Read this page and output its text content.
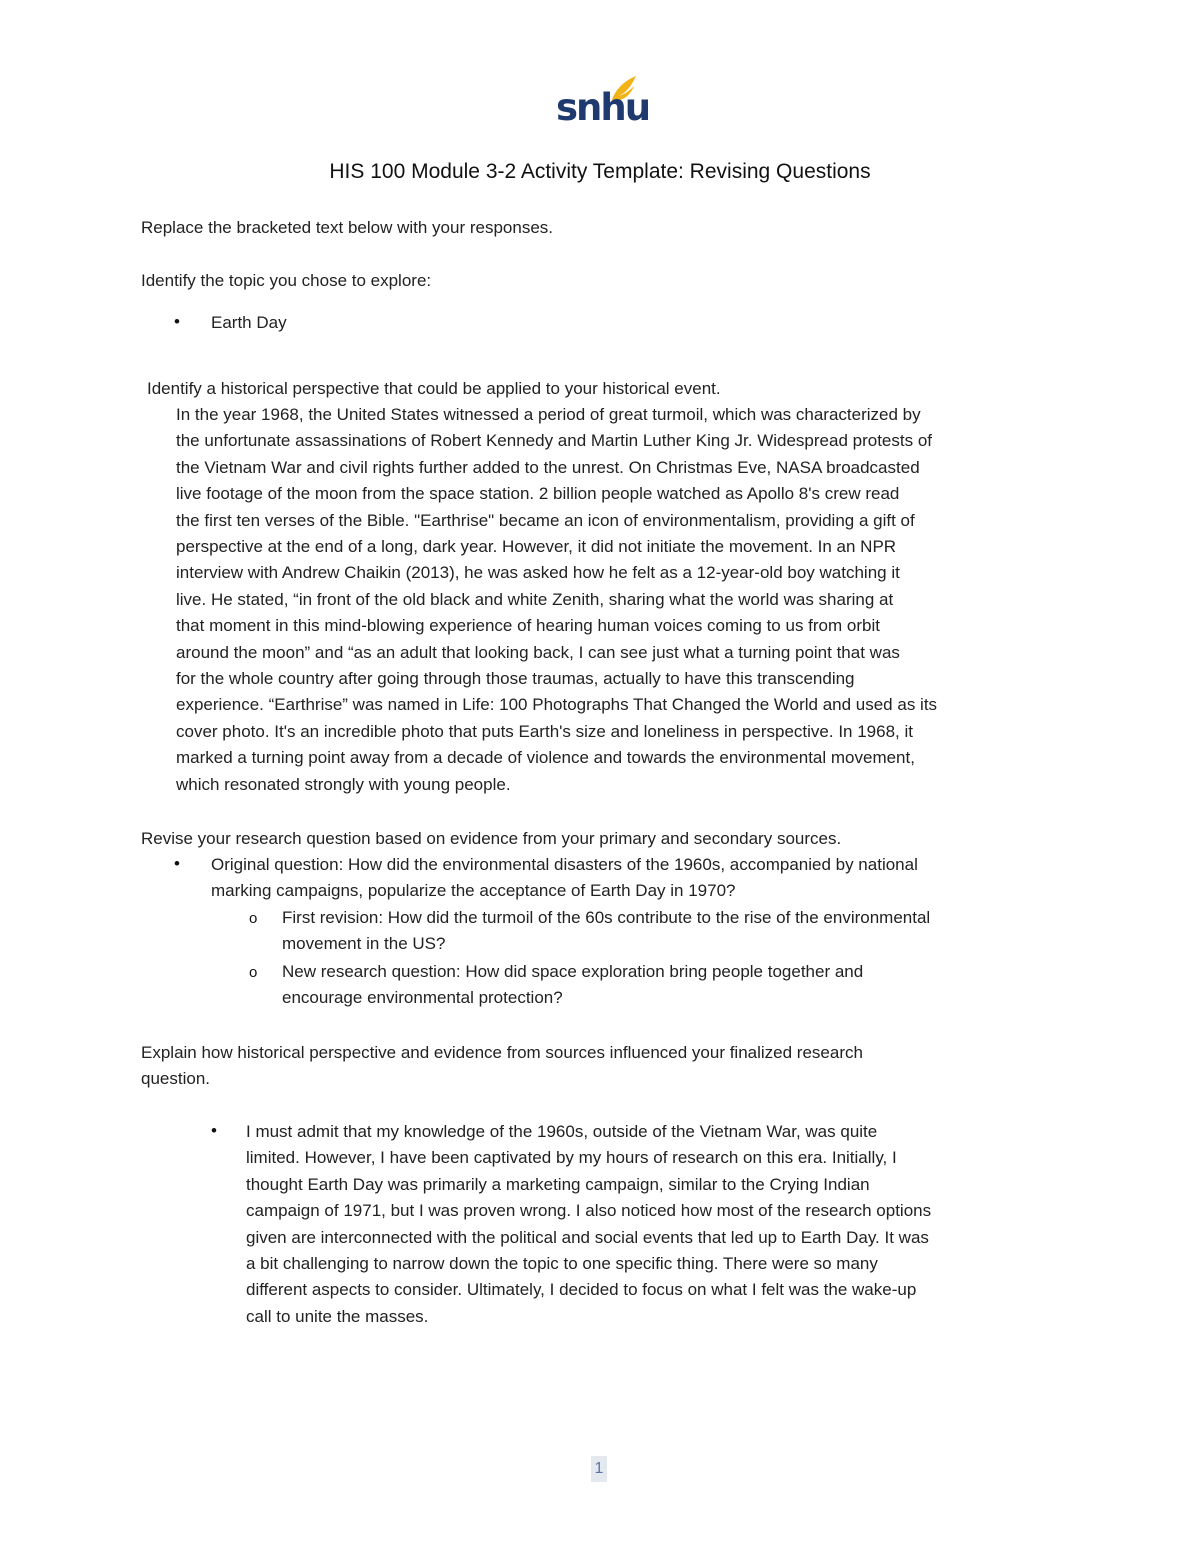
snhu
HIS 100 Module 3-2 Activity Template: Revising Questions
Replace the bracketed text below with your responses.
Identify the topic you chose to explore:
• Earth Day
Identify a historical perspective that could be applied to your historical event.
In the year 1968, the United States witnessed a period of great turmoil, which was characterized by
the unfortunate assassinations of Robert Kennedy and Martin Luther King Jr. Widespread protests of
the Vietnam War and civil rights further added to the unrest. On Christmas Eve, NASA broadcasted
live footage of the moon from the space station. 2 billion people watched as Apollo 8's crew read
the first ten verses of the Bible. "Earthrise" became an icon of environmentalism, providing a gift of
perspective at the end of a long, dark year. However, it did not initiate the movement. In an NPR
interview with Andrew Chaikin (2013), he was asked how he felt as a 12-year-old boy watching it
live. He stated, “in front of the old black and white Zenith, sharing what the world was sharing at
that moment in this mind-blowing experience of hearing human voices coming to us from orbit
around the moon” and “as an adult that looking back, I can see just what a turning point that was
for the whole country after going through those traumas, actually to have this transcending
experience. “Earthrise” was named in Life: 100 Photographs That Changed the World and used as its
cover photo. It's an incredible photo that puts Earth's size and loneliness in perspective. In 1968, it
marked a turning point away from a decade of violence and towards the environmental movement,
which resonated strongly with young people.
Revise your research question based on evidence from your primary and secondary sources.
• Original question: How did the environmental disasters of the 1960s, accompanied by national
marking campaigns, popularize the acceptance of Earth Day in 1970?
o First revision: How did the turmoil of the 60s contribute to the rise of the environmental
movement in the US?
o New research question: How did space exploration bring people together and
encourage environmental protection?
Explain how historical perspective and evidence from sources influenced your finalized research
question.
• I must admit that my knowledge of the 1960s, outside of the Vietnam War, was quite
limited. However, I have been captivated by my hours of research on this era. Initially, I
thought Earth Day was primarily a marketing campaign, similar to the Crying Indian
campaign of 1971, but I was proven wrong. I also noticed how most of the research options
given are interconnected with the political and social events that led up to Earth Day. It was
a bit challenging to narrow down the topic to one specific thing. There were so many
different aspects to consider. Ultimately, I decided to focus on what I felt was the wake-up
call to unite the masses.
1
